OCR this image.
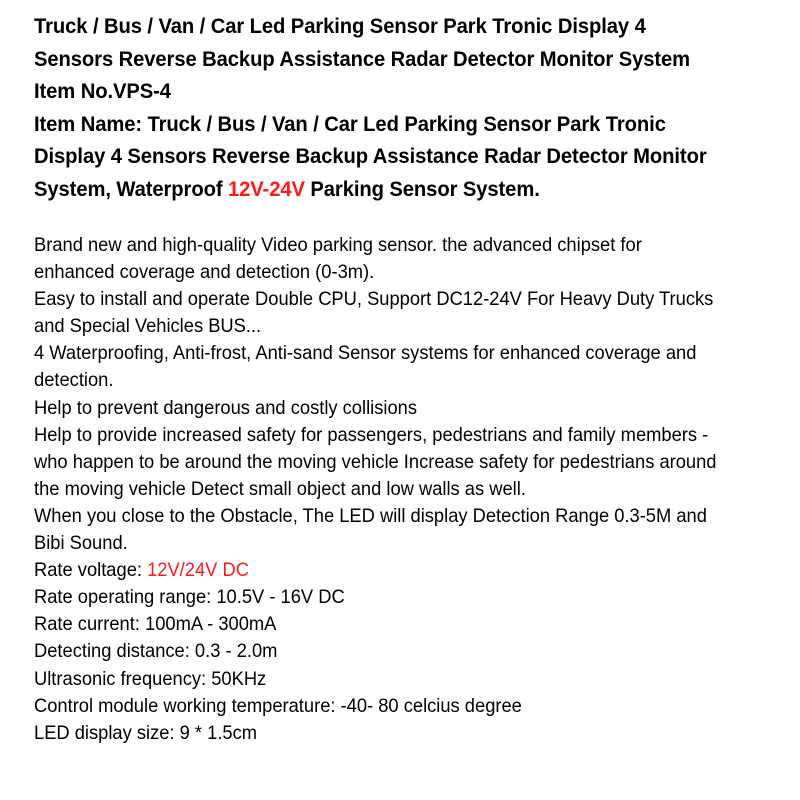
Truck / Bus / Van / Car Led Parking Sensor Park Tronic Display 4
Sensors Reverse Backup Assistance Radar Detector Monitor System
Item No.VPS-4
Item Name: Truck / Bus / Van / Car Led Parking Sensor Park Tronic
Display 4 Sensors Reverse Backup Assistance Radar Detector Monitor
System, Waterproof 12V-24V Parking Sensor System.
Brand new and high-quality Video parking sensor. the advanced chipset for
enhanced coverage and detection (0-3m).
Easy to install and operate Double CPU, Support DC12-24V For Heavy Duty Trucks
and Special Vehicles BUS...
4 Waterproofing, Anti-frost, Anti-sand Sensor systems for enhanced coverage and
detection.
Help to prevent dangerous and costly collisions
Help to provide increased safety for passengers, pedestrians and family members -
who happen to be around the moving vehicle Increase safety for pedestrians around
the moving vehicle Detect small object and low walls as well.
When you close to the Obstacle, The LED will display Detection Range 0.3-5M and
Bibi Sound.
Rate voltage: 12V/24V DC
Rate operating range: 10.5V - 16V DC
Rate current: 100mA - 300mA
Detecting distance: 0.3 - 2.0m
Ultrasonic frequency: 50KHz
Control module working temperature: -40- 80 celcius degree
LED display size: 9 * 1.5cm
